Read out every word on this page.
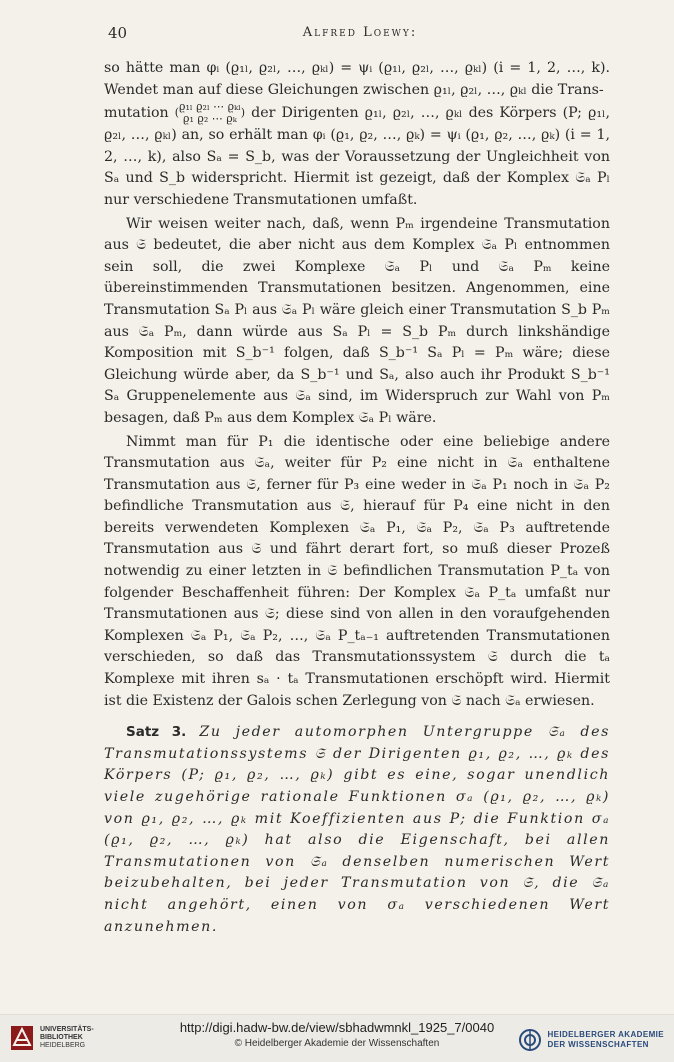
40	Alfred Loewy:

so hätte man φᵢ (ϱ₁ₗ, ϱ₂ₗ, …, ϱₖₗ) = ψᵢ (ϱ₁ₗ, ϱ₂ₗ, …, ϱₖₗ) (i = 1, 2, …, k). Wendet man auf diese Gleichungen zwischen ϱ₁ₗ, ϱ₂ₗ, …, ϱₖₗ die Trans-

mutation ( ϱ₁ₗ ϱ₂ₗ ⋯ ϱₖₗ
ϱ₁ ϱ₂ ⋯ ϱₖ ) der Dirigenten ϱ₁ₗ, ϱ₂ₗ, …, ϱₖₗ des Körpers (P; ϱ₁ₗ, ϱ₂ₗ, …, ϱₖₗ) an, so erhält man φᵢ (ϱ₁, ϱ₂, …, ϱₖ) = ψᵢ (ϱ₁, ϱ₂, …, ϱₖ) (i = 1, 2, …, k), also Sₐ = S_b, was der Voraussetzung der Ungleichheit von Sₐ und S_b widerspricht. Hiermit ist gezeigt, daß der Komplex 𝔖ₐ Pₗ nur verschiedene Transmutationen umfaßt.

Wir weisen weiter nach, daß, wenn Pₘ irgendeine Transmutation aus 𝔖 bedeutet, die aber nicht aus dem Komplex 𝔖ₐ Pₗ entnommen sein soll, die zwei Komplexe 𝔖ₐ Pₗ und 𝔖ₐ Pₘ keine übereinstimmenden Transmutationen besitzen. Angenommen, eine Transmutation Sₐ Pₗ aus 𝔖ₐ Pₗ wäre gleich einer Transmutation S_b Pₘ aus 𝔖ₐ Pₘ, dann würde aus Sₐ Pₗ = S_b Pₘ durch linkshändige Komposition mit S_b⁻¹ folgen, daß S_b⁻¹ Sₐ Pₗ = Pₘ wäre; diese Gleichung würde aber, da S_b⁻¹ und Sₐ, also auch ihr Produkt S_b⁻¹ Sₐ Gruppenelemente aus 𝔖ₐ sind, im Widerspruch zur Wahl von Pₘ besagen, daß Pₘ aus dem Komplex 𝔖ₐ Pₗ wäre.

Nimmt man für P₁ die identische oder eine beliebige andere Transmutation aus 𝔖ₐ, weiter für P₂ eine nicht in 𝔖ₐ enthaltene Transmutation aus 𝔖, ferner für P₃ eine weder in 𝔖ₐ P₁ noch in 𝔖ₐ P₂ befindliche Transmutation aus 𝔖, hierauf für P₄ eine nicht in den bereits verwendeten Komplexen 𝔖ₐ P₁, 𝔖ₐ P₂, 𝔖ₐ P₃ auftretende Transmutation aus 𝔖 und fährt derart fort, so muß dieser Prozeß notwendig zu einer letzten in 𝔖 befindlichen Transmutation P_tₐ von folgender Beschaffenheit führen: Der Komplex 𝔖ₐ P_tₐ umfaßt nur Transmutationen aus 𝔖; diese sind von allen in den voraufgehenden Komplexen 𝔖ₐ P₁, 𝔖ₐ P₂, …, 𝔖ₐ P_tₐ₋₁ auftretenden Transmutationen verschieden, so daß das Transmutationssystem 𝔖 durch die tₐ Komplexe mit ihren sₐ · tₐ Transmutationen erschöpft wird. Hiermit ist die Existenz der Galois schen Zerlegung von 𝔖 nach 𝔖ₐ erwiesen.

Satz 3. Zu jeder automorphen Untergruppe 𝔖ₐ des Transmutationssystems 𝔖 der Dirigenten ϱ₁, ϱ₂, …, ϱₖ des Körpers (P; ϱ₁, ϱ₂, …, ϱₖ) gibt es eine, sogar unendlich viele zugehörige rationale Funktionen σₐ (ϱ₁, ϱ₂, …, ϱₖ) von ϱ₁, ϱ₂, …, ϱₖ mit Koeffizienten aus P; die Funktion σₐ (ϱ₁, ϱ₂, …, ϱₖ) hat also die Eigenschaft, bei allen Transmutationen von 𝔖ₐ denselben numerischen Wert beizubehalten, bei jeder Transmutation von 𝔖, die 𝔖ₐ nicht angehört, einen von σₐ verschiedenen Wert anzunehmen.

UNIVERSITÄTS-
BIBLIOTHEK
HEIDELBERG
http://digi.hadw-bw.de/view/sbhadwmnkl_1925_7/0040
© Heidelberger Akademie der Wissenschaften
HEIDELBERGER AKADEMIE
DER WISSENSCHAFTEN
